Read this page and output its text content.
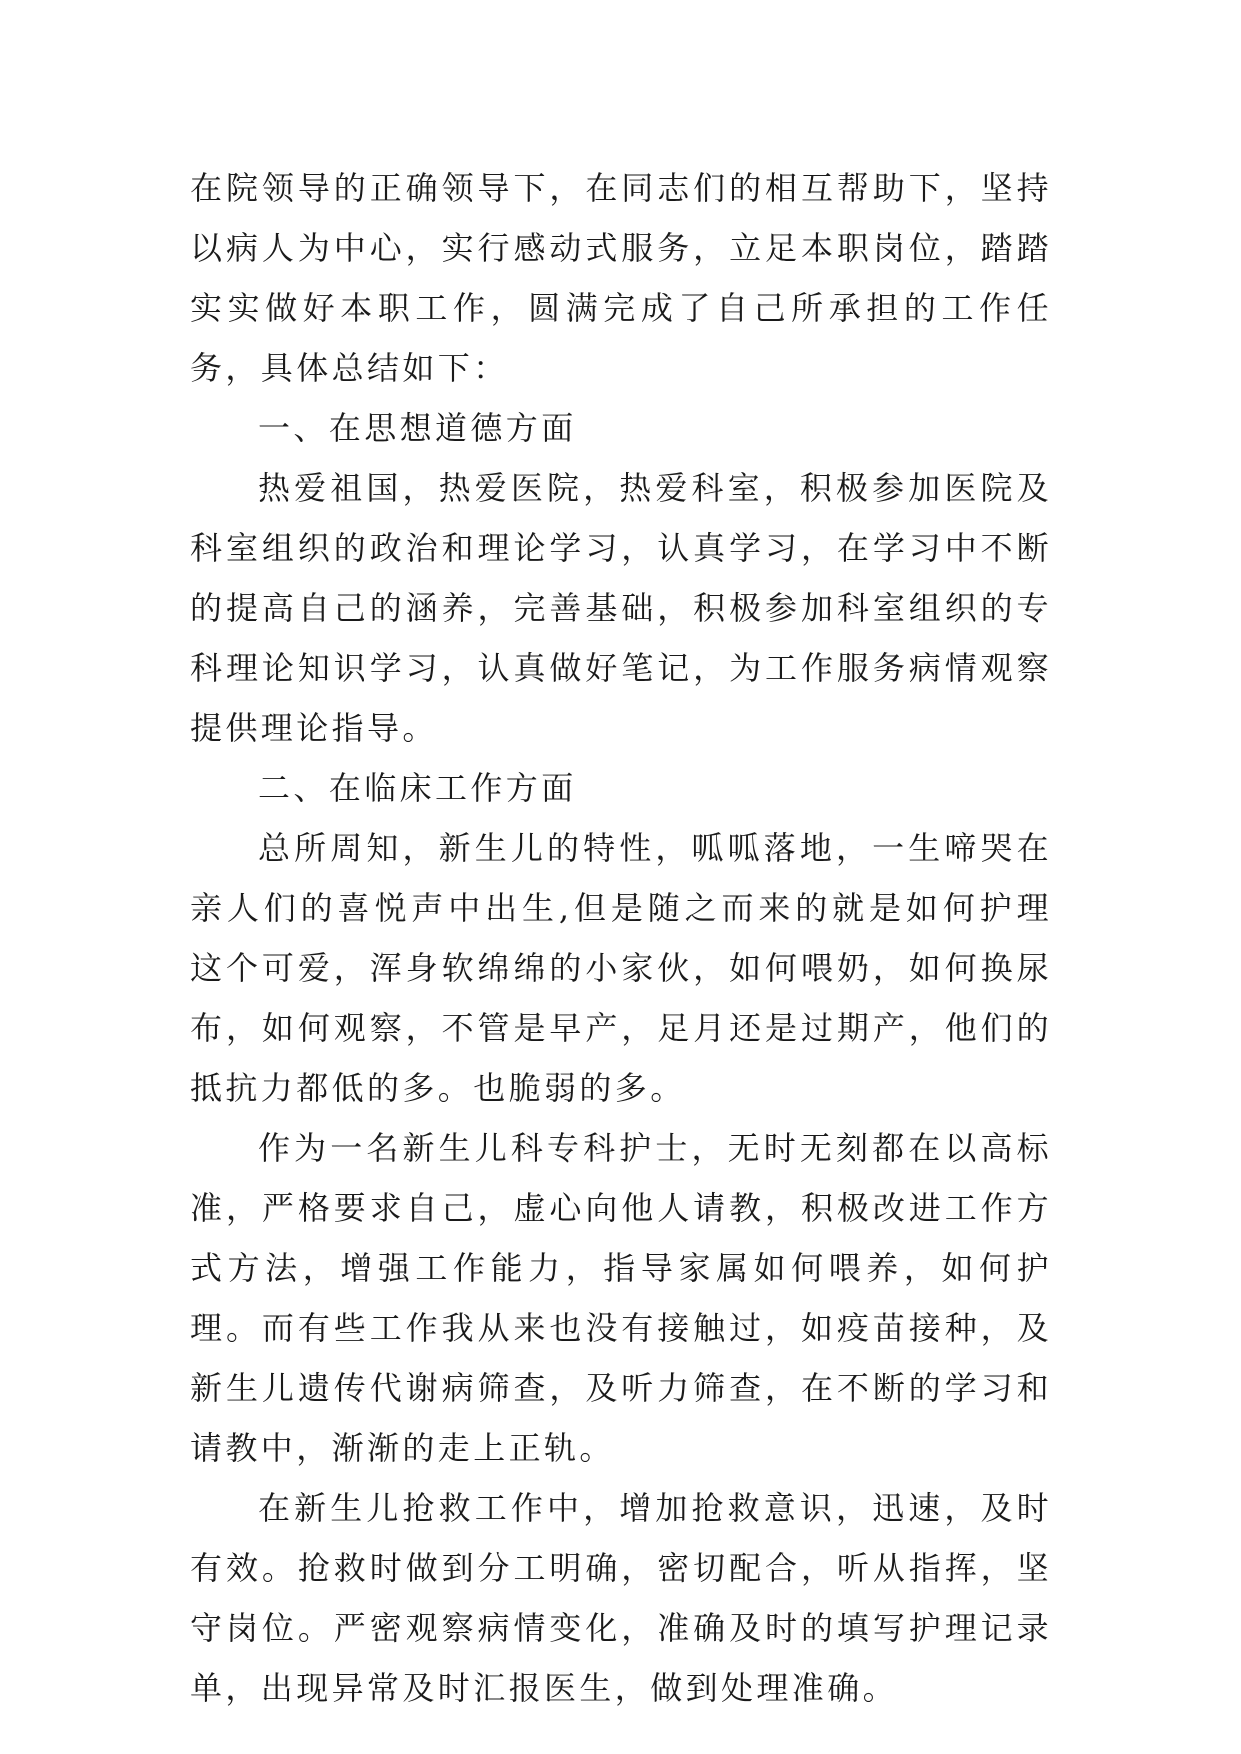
在院领导的正确领导下，在同志们的相互帮助下，坚持以病人为中心，实行感动式服务，立足本职岗位，踏踏实实做好本职工作，圆满完成了自己所承担的工作任务，具体总结如下：

一、在思想道德方面

热爱祖国，热爱医院，热爱科室，积极参加医院及科室组织的政治和理论学习，认真学习，在学习中不断的提高自己的涵养，完善基础，积极参加科室组织的专科理论知识学习，认真做好笔记，为工作服务病情观察提供理论指导。

二、在临床工作方面

总所周知，新生儿的特性，呱呱落地，一生啼哭在亲人们的喜悦声中出生,但是随之而来的就是如何护理这个可爱，浑身软绵绵的小家伙，如何喂奶，如何换尿布，如何观察，不管是早产，足月还是过期产，他们的抵抗力都低的多。也脆弱的多。

作为一名新生儿科专科护士，无时无刻都在以高标准，严格要求自己，虚心向他人请教，积极改进工作方式方法，增强工作能力，指导家属如何喂养，如何护理。而有些工作我从来也没有接触过，如疫苗接种，及新生儿遗传代谢病筛查，及听力筛查，在不断的学习和请教中，渐渐的走上正轨。

在新生儿抢救工作中，增加抢救意识，迅速，及时有效。抢救时做到分工明确，密切配合，听从指挥，坚守岗位。严密观察病情变化，准确及时的填写护理记录单，出现异常及时汇报医生，做到处理准确。
